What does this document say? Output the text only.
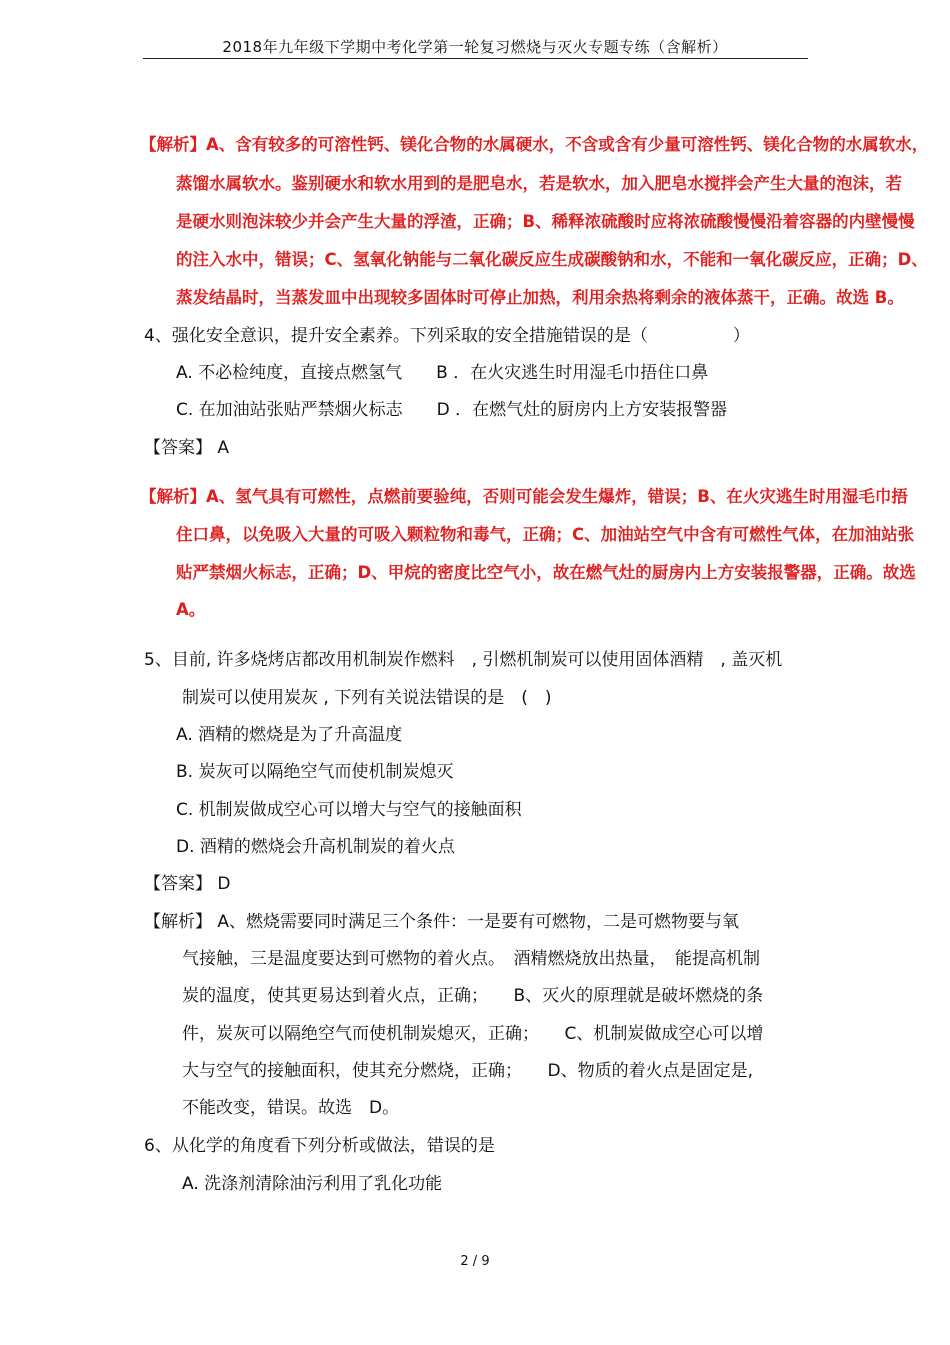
2018年九年级下学期中考化学第一轮复习燃烧与灭火专题专练（含解析）
【解析】A、含有较多的可溶性钙、镁化合物的水属硬水，不含或含有少量可溶性钙、镁化合物的水属软水，
蒸馏水属软水。鉴别硬水和软水用到的是肥皂水，若是软水，加入肥皂水搅拌会产生大量的泡沫，若
是硬水则泡沫较少并会产生大量的浮渣，正确；B、稀释浓硫酸时应将浓硫酸慢慢沿着容器的内壁慢慢
的注入水中，错误；C、氢氧化钠能与二氧化碳反应生成碳酸钠和水，不能和一氧化碳反应，正确；D、
蒸发结晶时，当蒸发皿中出现较多固体时可停止加热，利用余热将剩余的液体蒸干，正确。故选 B。
4、强化安全意识，提升安全素养。下列采取的安全措施错误的是（　　　　　）
A. 不必检纯度，直接点燃氢气　　B ．在火灾逃生时用湿毛巾捂住口鼻
C. 在加油站张贴严禁烟火标志　　D ．在燃气灶的厨房内上方安装报警器
【答案】 A
【解析】A、氢气具有可燃性，点燃前要验纯，否则可能会发生爆炸，错误；B、在火灾逃生时用湿毛巾捂
住口鼻，以免吸入大量的可吸入颗粒物和毒气，正确；C、加油站空气中含有可燃性气体，在加油站张
贴严禁烟火标志，正确；D、甲烷的密度比空气小，故在燃气灶的厨房内上方安装报警器，正确。故选
A。
5、目前, 许多烧烤店都改用机制炭作燃料　, 引燃机制炭可以使用固体酒精　, 盖灭机
制炭可以使用炭灰 , 下列有关说法错误的是　(　)
A. 酒精的燃烧是为了升高温度
B. 炭灰可以隔绝空气而使机制炭熄灭
C. 机制炭做成空心可以增大与空气的接触面积
D. 酒精的燃烧会升高机制炭的着火点
【答案】 D
【解析】 A、燃烧需要同时满足三个条件：一是要有可燃物，二是可燃物要与氧
气接触，三是温度要达到可燃物的着火点。　酒精燃烧放出热量，　能提高机制
炭的温度，使其更易达到着火点，正确；　　B、灭火的原理就是破坏燃烧的条
件，炭灰可以隔绝空气而使机制炭熄灭，正确；　　C、机制炭做成空心可以增
大与空气的接触面积，使其充分燃烧，正确；　　D、物质的着火点是固定是,
不能改变，错误。故选　D。
6、从化学的角度看下列分析或做法，错误的是
A. 洗涤剂清除油污利用了乳化功能
2 / 9
